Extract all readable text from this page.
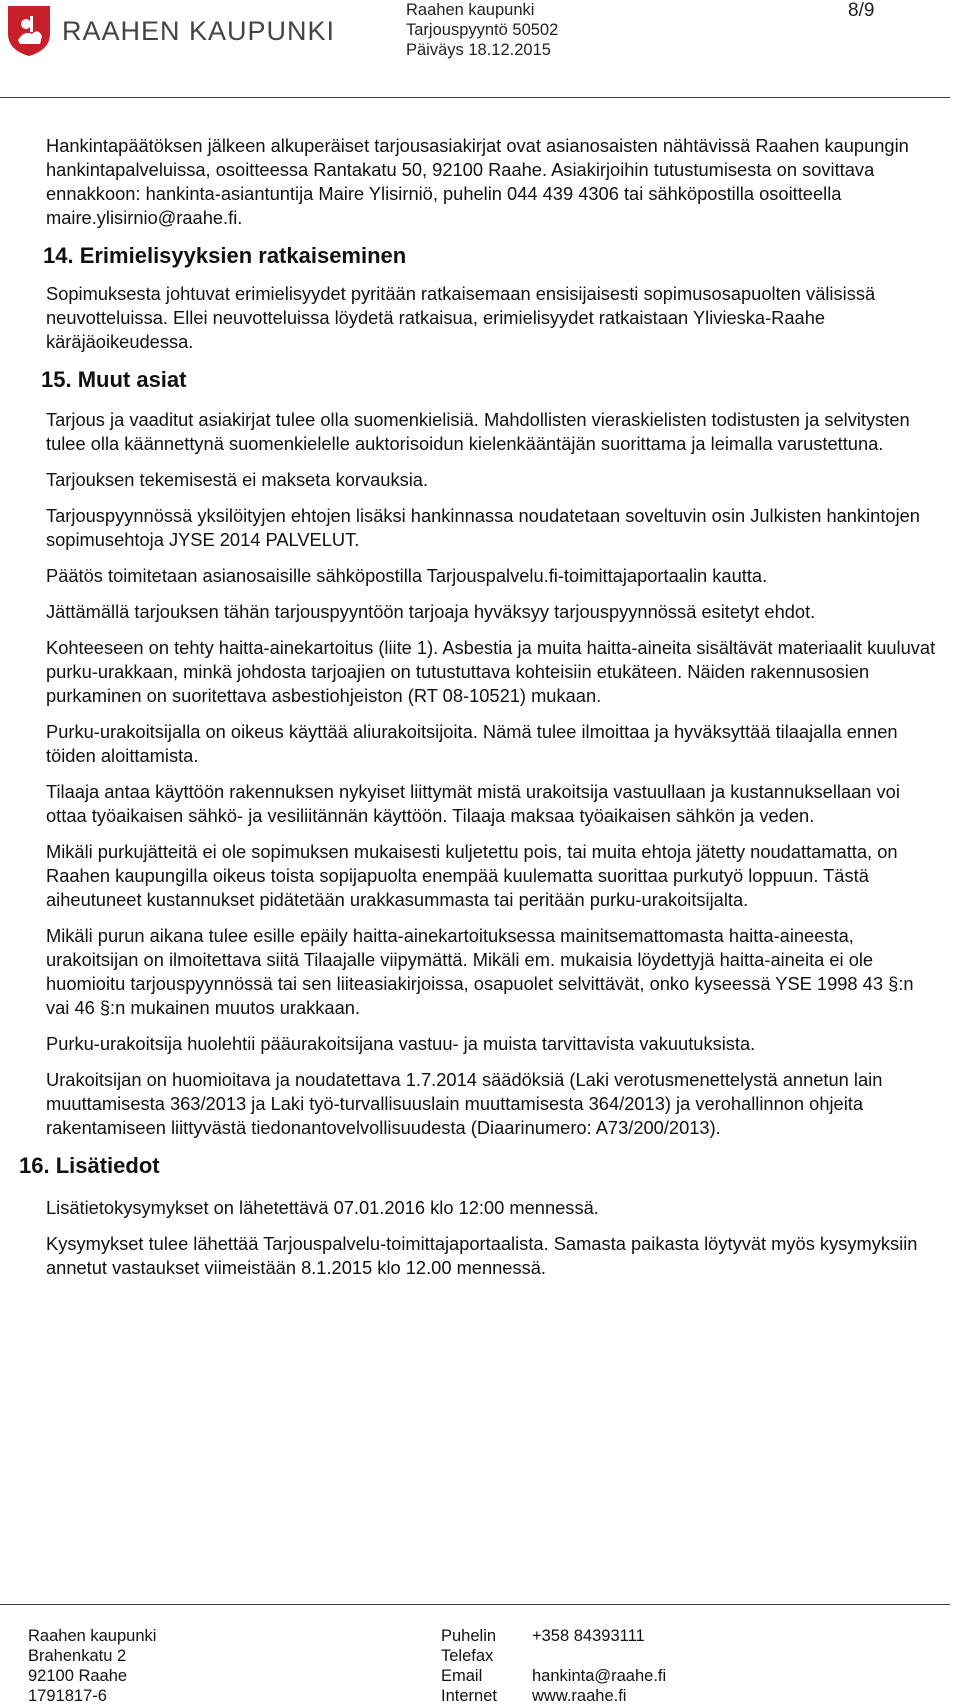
RAAHEN KAUPUNKI
Raahen kaupunki
Tarjouspyyntö 50502
Päiväys 18.12.2015
8/9

Hankintapäätöksen jälkeen alkuperäiset tarjousasiakirjat ovat asianosaisten nähtävissä Raahen kaupungin hankintapalveluissa, osoitteessa Rantakatu 50, 92100 Raahe. Asiakirjoihin tutustumisesta on sovittava ennakkoon: hankinta-asiantuntija Maire Ylisirniö, puhelin 044 439 4306 tai sähköpostilla osoitteella maire.ylisirnio@raahe.fi.

14. Erimielisyyksien ratkaiseminen

Sopimuksesta johtuvat erimielisyydet pyritään ratkaisemaan ensisijaisesti sopimusosapuolten välisissä neuvotteluissa. Ellei neuvotteluissa löydetä ratkaisua, erimielisyydet ratkaistaan Ylivieska-Raahe käräjäoikeudessa.

15. Muut asiat

Tarjous ja vaaditut asiakirjat tulee olla suomenkielisiä. Mahdollisten vieraskielisten todistusten ja selvitysten tulee olla käännettynä suomenkielelle auktorisoidun kielenkääntäjän suorittama ja leimalla varustettuna.

Tarjouksen tekemisestä ei makseta korvauksia.

Tarjouspyynnössä yksilöityjen ehtojen lisäksi hankinnassa noudatetaan soveltuvin osin Julkisten hankintojen sopimusehtoja JYSE 2014 PALVELUT.

Päätös toimitetaan asianosaisille sähköpostilla Tarjouspalvelu.fi-toimittajaportaalin kautta.

Jättämällä tarjouksen tähän tarjouspyyntöön tarjoaja hyväksyy tarjouspyynnössä esitetyt ehdot.

Kohteeseen on tehty haitta-ainekartoitus (liite 1). Asbestia ja muita haitta-aineita sisältävät materiaalit kuuluvat purku-urakkaan, minkä johdosta tarjoajien on tutustuttava kohteisiin etukäteen. Näiden rakennusosien purkaminen on suoritettava asbestiohjeiston (RT 08-10521) mukaan.

Purku-urakoitsijalla on oikeus käyttää aliurakoitsijoita. Nämä tulee ilmoittaa ja hyväksyttää tilaajalla ennen töiden aloittamista.

Tilaaja antaa käyttöön rakennuksen nykyiset liittymät mistä urakoitsija vastuullaan ja kustannuksellaan voi ottaa työaikaisen sähkö- ja vesiliitännän käyttöön. Tilaaja maksaa työaikaisen sähkön ja veden.

Mikäli purkujätteitä ei ole sopimuksen mukaisesti kuljetettu pois, tai muita ehtoja jätetty noudattamatta, on Raahen kaupungilla oikeus toista sopijapuolta enempää kuulematta suorittaa purkutyö loppuun. Tästä aiheutuneet kustannukset pidätetään urakkasummasta tai peritään purku-urakoitsijalta.

Mikäli purun aikana tulee esille epäily haitta-ainekartoituksessa mainitsemattomasta haitta-aineesta, urakoitsijan on ilmoitettava siitä Tilaajalle viipymättä. Mikäli em. mukaisia löydettyjä haitta-aineita ei ole huomioitu tarjouspyynnössä tai sen liiteasiakirjoissa, osapuolet selvittävät, onko kyseessä YSE 1998 43 §:n vai 46 §:n mukainen muutos urakkaan.

Purku-urakoitsija huolehtii pääurakoitsijana vastuu- ja muista tarvittavista vakuutuksista.

Urakoitsijan on huomioitava ja noudatettava 1.7.2014 säädöksiä (Laki verotusmenettelystä annetun lain muuttamisesta 363/2013 ja Laki työ-turvallisuuslain muuttamisesta 364/2013) ja verohallinnon ohjeita rakentamiseen liittyvästä tiedonantovelvollisuudesta (Diaarinumero: A73/200/2013).

16. Lisätiedot

Lisätietokysymykset on lähetettävä 07.01.2016 klo 12:00 mennessä.

Kysymykset tulee lähettää Tarjouspalvelu-toimittajaportaalista. Samasta paikasta löytyvät myös kysymyksiin annetut vastaukset viimeistään 8.1.2015 klo 12.00 mennessä.

Raahen kaupunki
Brahenkatu 2
92100 Raahe
1791817-6
Puhelin
Telefax
Email
Internet
+358 84393111

hankinta@raahe.fi
www.raahe.fi
